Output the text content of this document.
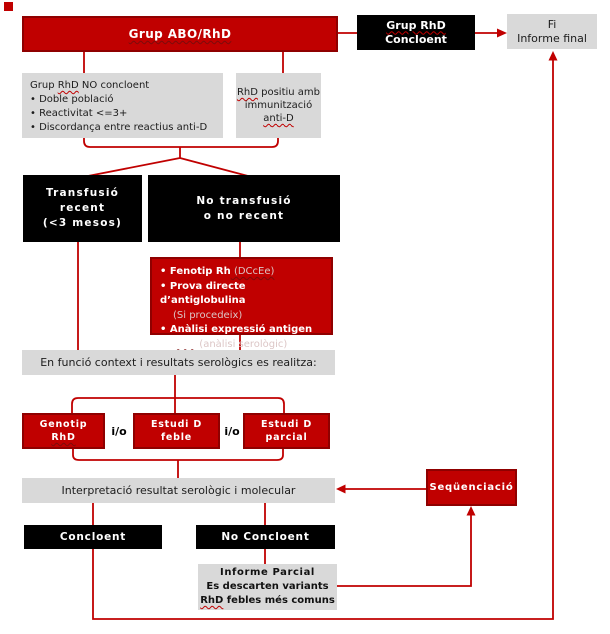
Grup ABO/RhD
Grup RhD
Concloent
Fi
Informe final
Grup RhD NO concloent
• Doble població
• Reactivitat <=3+
• Discordança entre reactius anti-D
RhD positiu amb
immunització
anti-D
Transfusió recent
(<3 mesos)
No transfusió
o no recent
• Fenotip Rh (DCcEe)
• Prova directe d’antiglobulina
(Si procedeix)
• Anàlisi expressió antigen
RhD (anàlisi serològic)
En funció context i resultats serològics es realitza:
Genotip
RhD	i/o	Estudi D
feble	i/o Estudi D
parcial
Interpretació resultat serològic i molecular	Seqüenciació
Concloent	No Concloent
Informe Parcial
Es descarten variants
RhD febles més comuns
